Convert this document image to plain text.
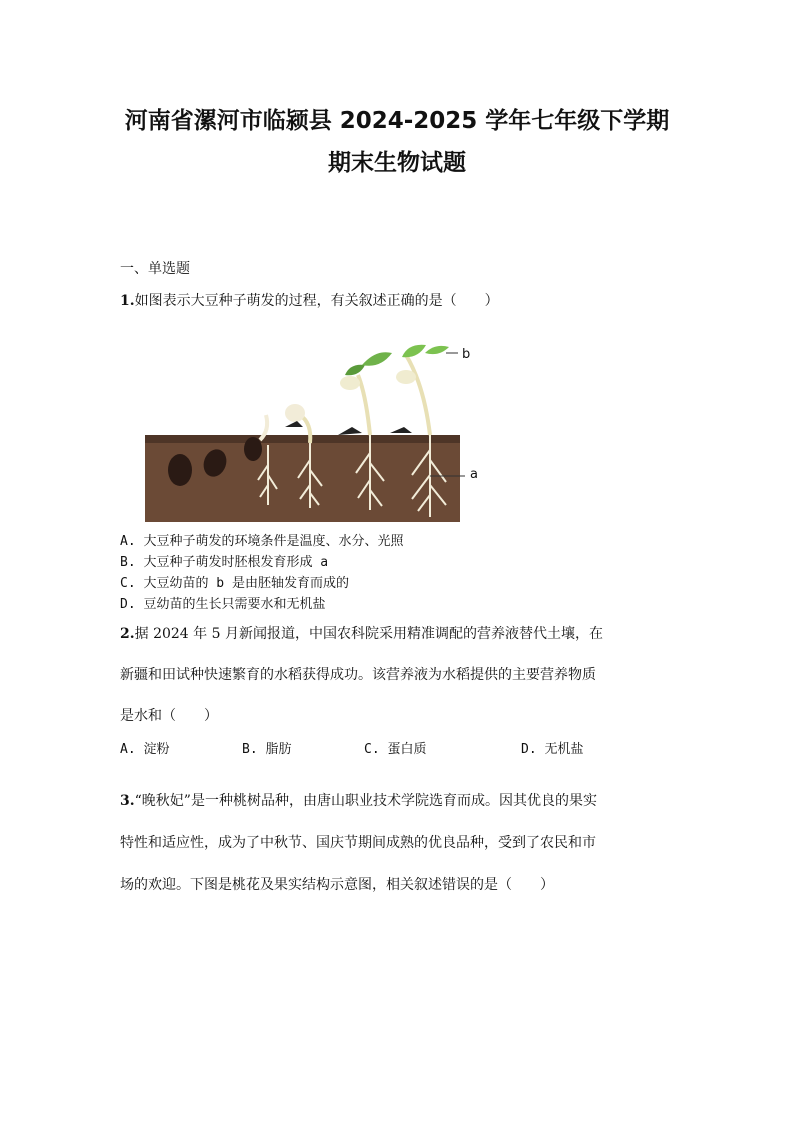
河南省漯河市临颍县 2024-2025 学年七年级下学期
期末生物试题
一、单选题
1.如图表示大豆种子萌发的过程，有关叙述正确的是（　　）
b
a
A. 大豆种子萌发的环境条件是温度、水分、光照
B. 大豆种子萌发时胚根发育形成 a
C. 大豆幼苗的 b 是由胚轴发育而成的
D. 豆幼苗的生长只需要水和无机盐
2.据 2024 年 5 月新闻报道，中国农科院采用精准调配的营养液替代土壤，在
新疆和田试种快速繁育的水稻获得成功。该营养液为水稻提供的主要营养物质
是水和（　　）
A. 淀粉	B. 脂肪	C. 蛋白质	D. 无机盐
3.“晚秋妃”是一种桃树品种，由唐山职业技术学院选育而成。因其优良的果实
特性和适应性，成为了中秋节、国庆节期间成熟的优良品种，受到了农民和市
场的欢迎。下图是桃花及果实结构示意图，相关叙述错误的是（　　）
